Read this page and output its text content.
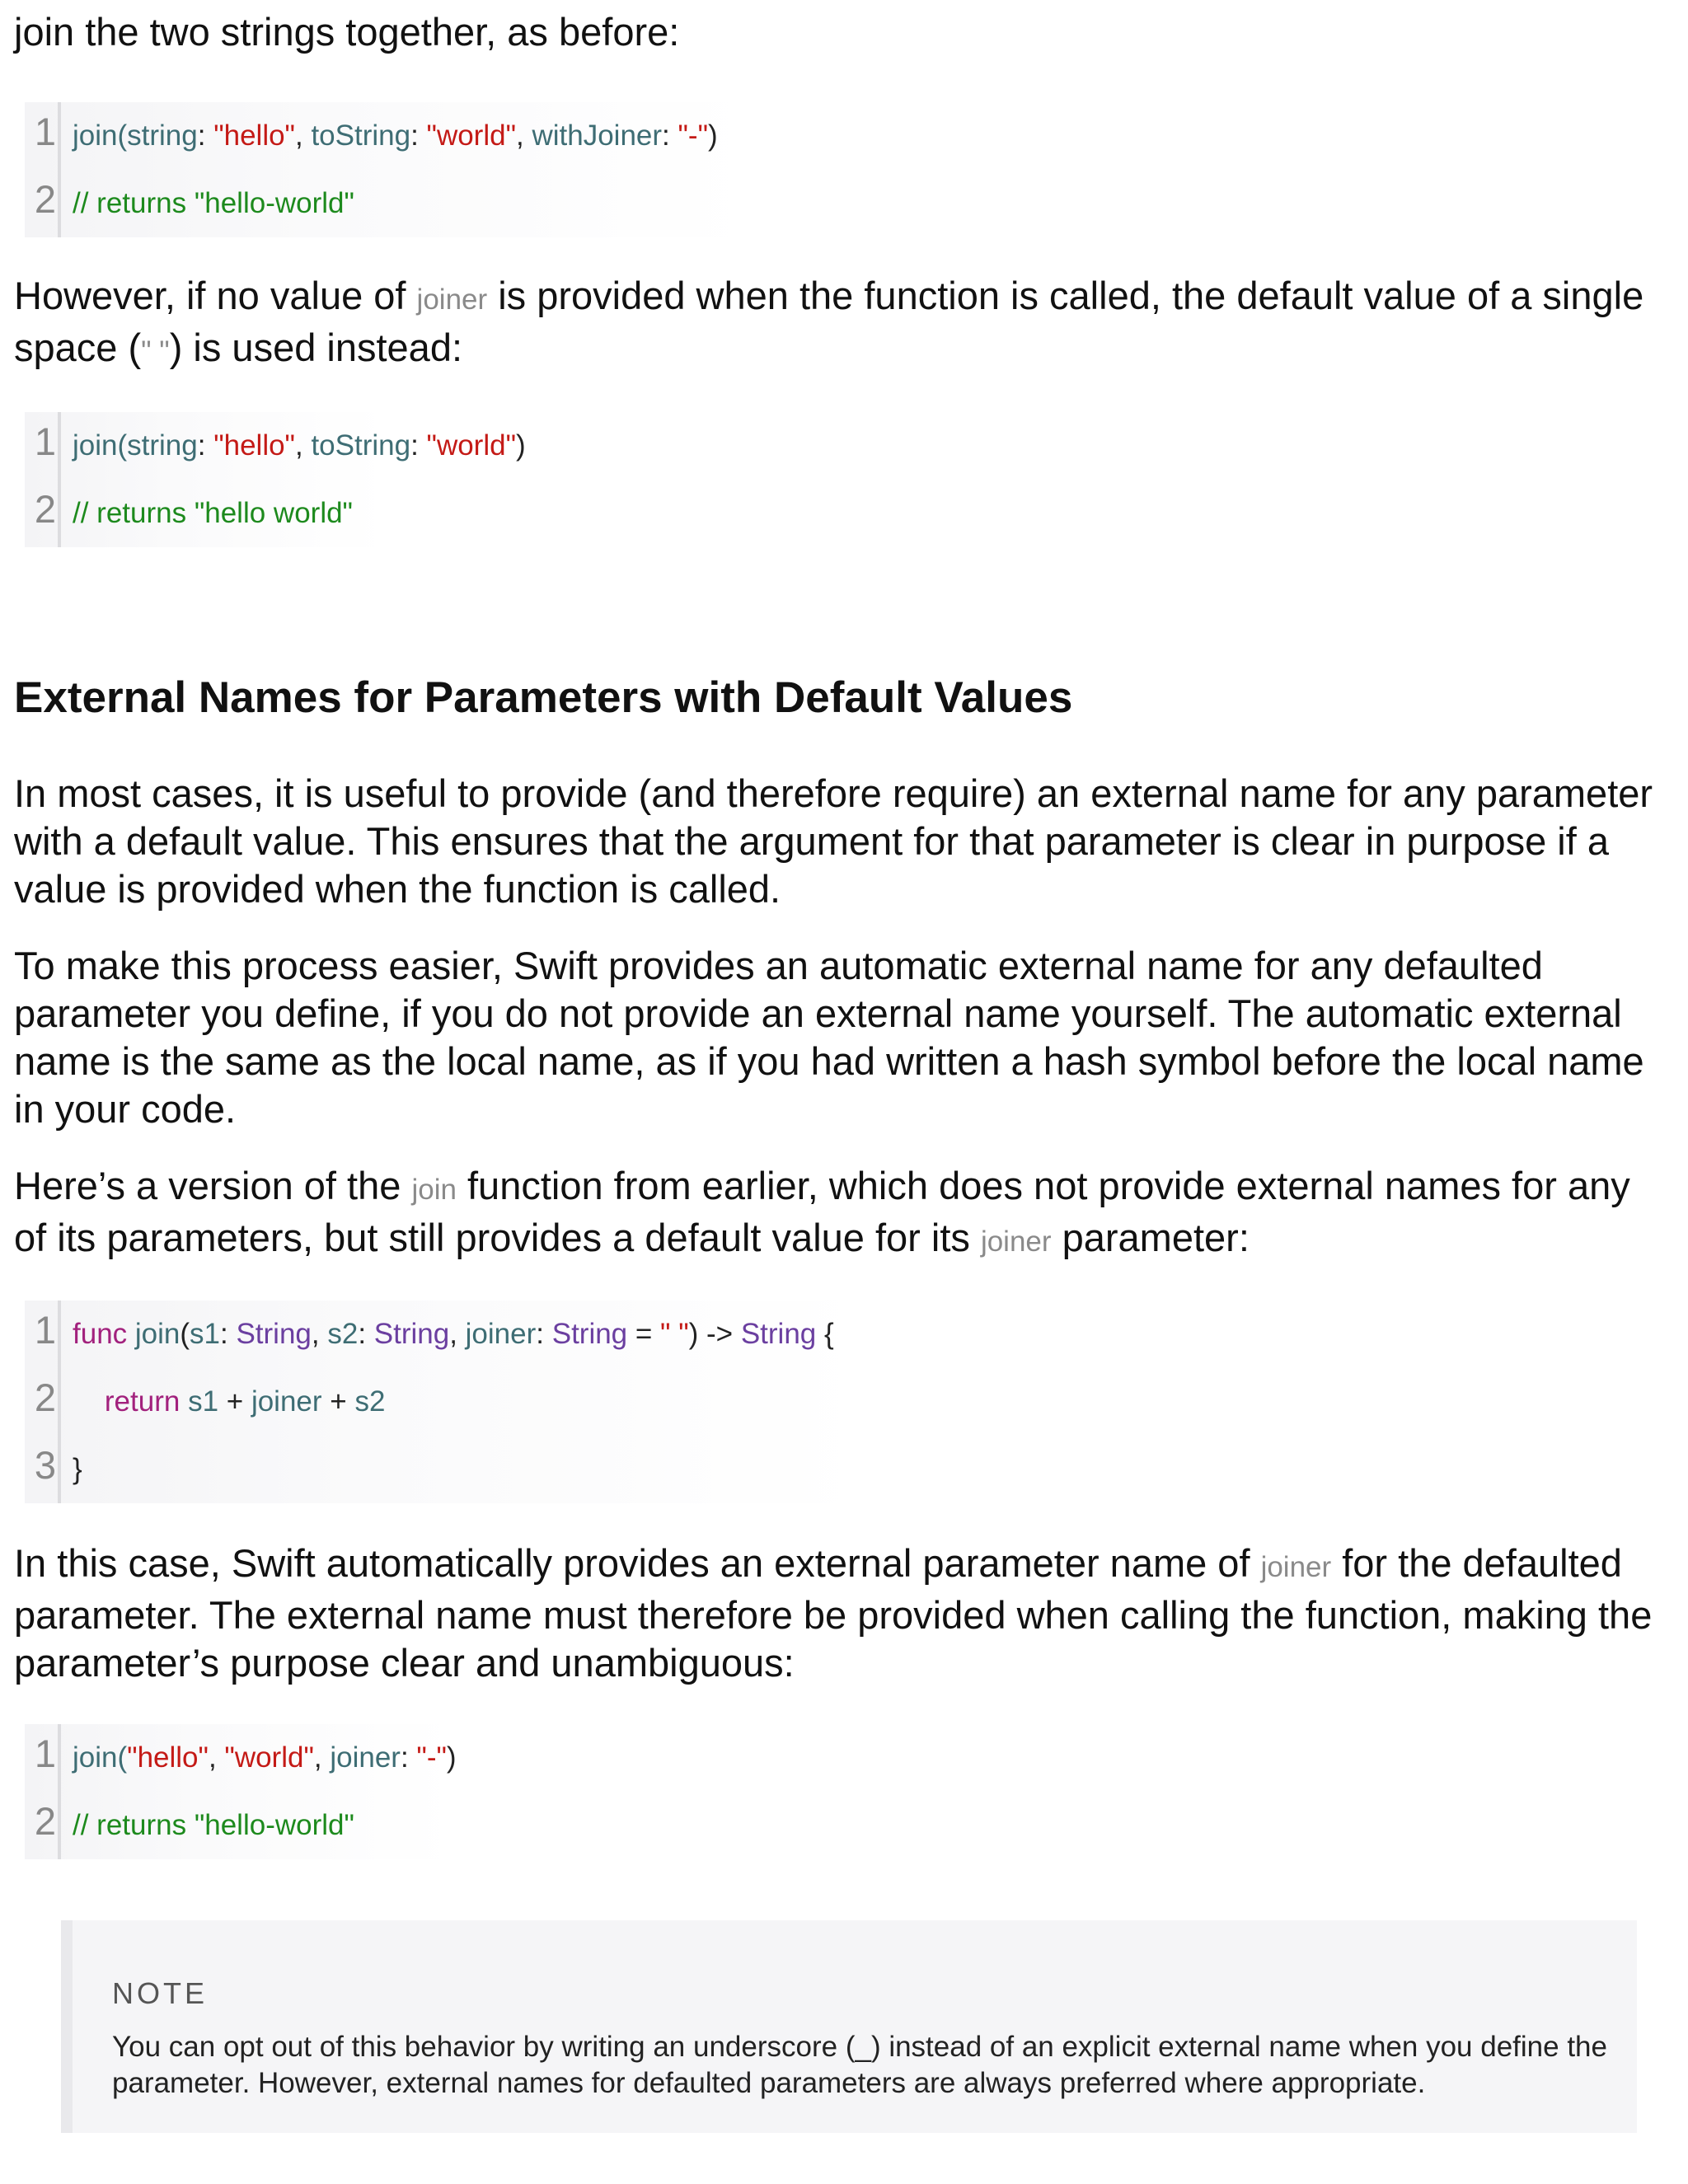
join the two strings together, as before:

1 join(string: "hello", toString: "world", withJoiner: "-")
2 // returns "hello-world"

However, if no value of joiner is provided when the function is called, the default value of a single space (" ") is used instead:

1 join(string: "hello", toString: "world")
2 // returns "hello world"
External Names for Parameters with Default Values

In most cases, it is useful to provide (and therefore require) an external name for any parameter with a default value. This ensures that the argument for that parameter is clear in purpose if a value is provided when the function is called.

To make this process easier, Swift provides an automatic external name for any defaulted parameter you define, if you do not provide an external name yourself. The automatic external name is the same as the local name, as if you had written a hash symbol before the local name in your code.

Here’s a version of the join function from earlier, which does not provide external names for any of its parameters, but still provides a default value for its joiner parameter:

1 func join(s1: String, s2: String, joiner: String = " ") -> String {
2	return s1 + joiner + s2
3 }

In this case, Swift automatically provides an external parameter name of joiner for the defaulted parameter. The external name must therefore be provided when calling the function, making the parameter’s purpose clear and unambiguous:

1 join("hello", "world", joiner: "-")
2 // returns "hello-world"
NOTE
You can opt out of this behavior by writing an underscore (_) instead of an explicit external name when you define the parameter. However, external names for defaulted parameters are always preferred where appropriate.
